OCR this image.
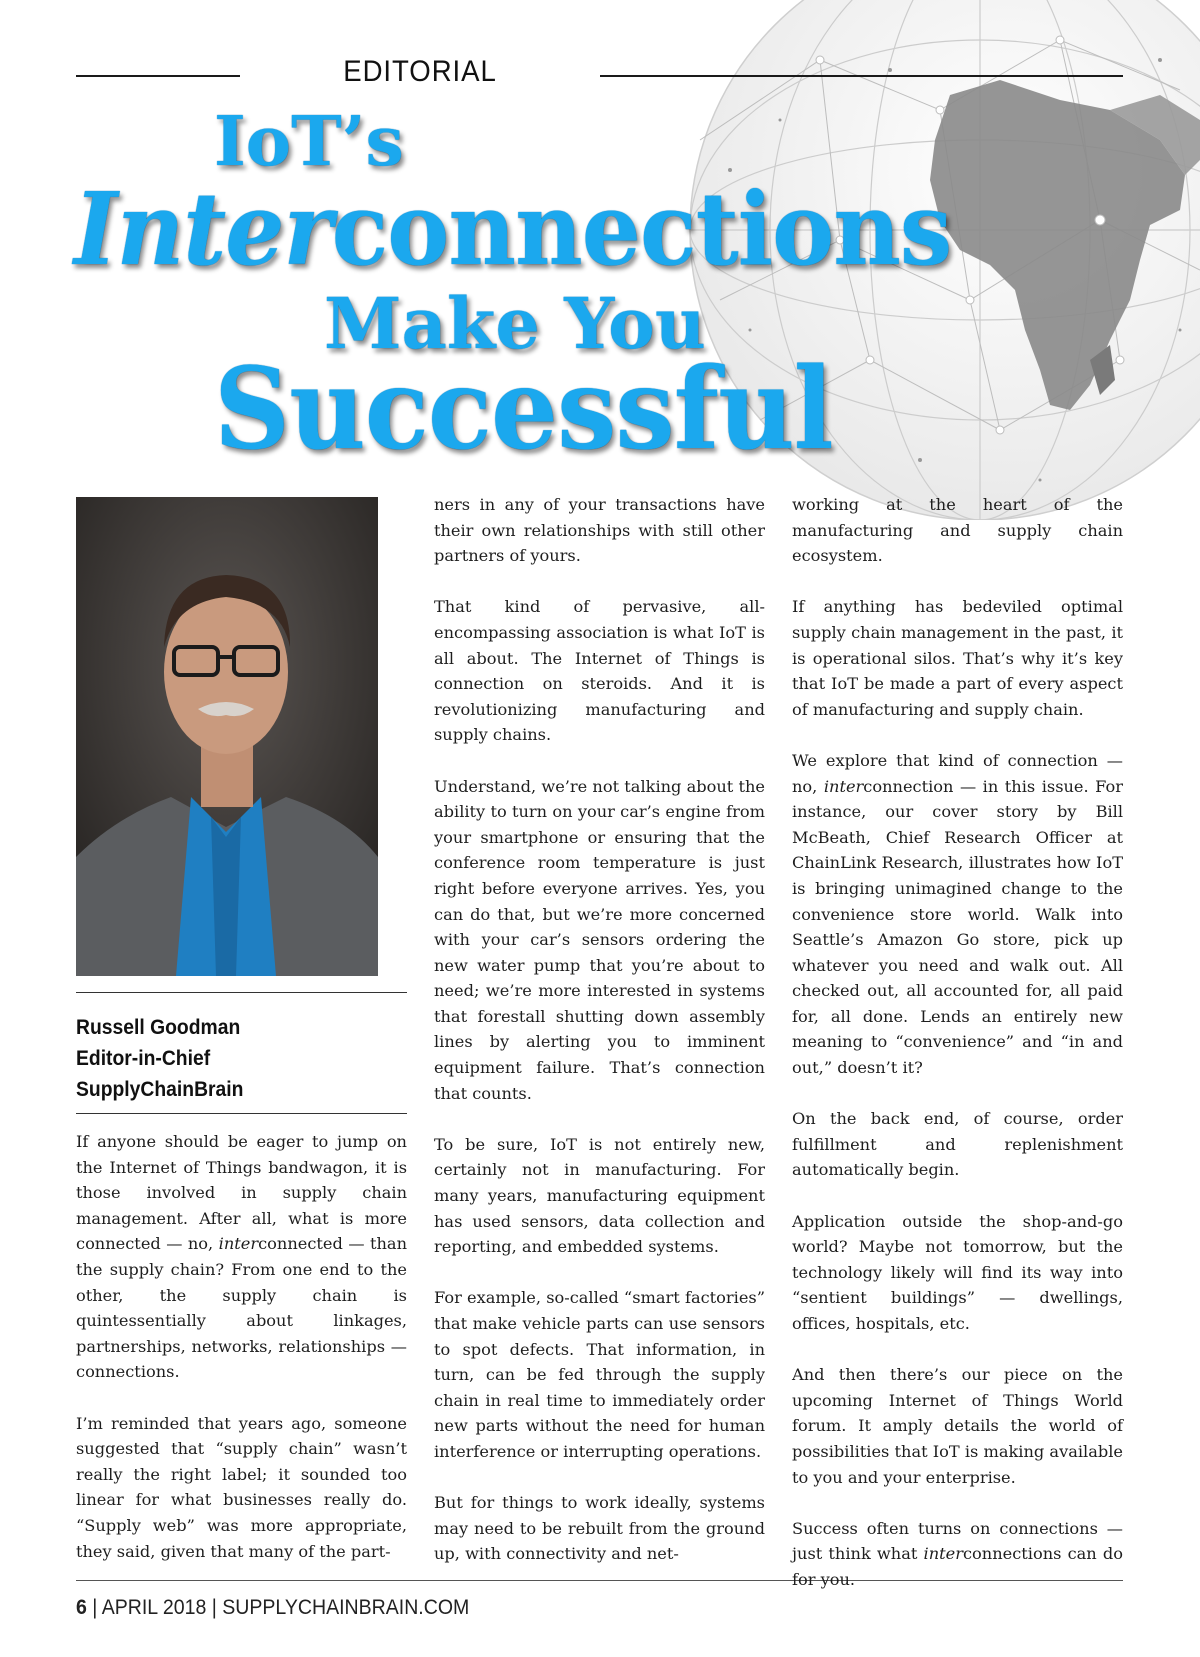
EDITORIAL
IoT’s
Interconnections
Make You
Successful
Russell Goodman
Editor-in-Chief
SupplyChainBrain

If anyone should be eager to jump on the Internet of Things bandwagon, it is those involved in supply chain management. After all, what is more connected — no, interconnected — than the supply chain? From one end to the other, the supply chain is quintessentially about linkages, partnerships, networks, relationships — connections.

I’m reminded that years ago, someone suggested that “supply chain” wasn’t really the right label; it sounded too linear for what businesses really do. “Supply web” was more appropriate, they said, given that many of the part-

ners in any of your transactions have their own relationships with still other partners of yours.

That kind of pervasive, all-encompassing association is what IoT is all about. The Internet of Things is connection on steroids. And it is revolutionizing manufacturing and supply chains.

Understand, we’re not talking about the ability to turn on your car’s engine from your smartphone or ensuring that the conference room temperature is just right before everyone arrives. Yes, you can do that, but we’re more concerned with your car’s sensors ordering the new water pump that you’re about to need; we’re more interested in systems that forestall shutting down assembly lines by alerting you to imminent equipment failure. That’s connection that counts.

To be sure, IoT is not entirely new, certainly not in manufacturing. For many years, manufacturing equipment has used sensors, data collection and reporting, and embedded systems.

For example, so-called “smart factories” that make vehicle parts can use sensors to spot defects. That information, in turn, can be fed through the supply chain in real time to immediately order new parts without the need for human interference or interrupting operations.

But for things to work ideally, systems may need to be rebuilt from the ground up, with connectivity and net-

working at the heart of the manufacturing and supply chain ecosystem.

If anything has bedeviled optimal supply chain management in the past, it is operational silos. That’s why it’s key that IoT be made a part of every aspect of manufacturing and supply chain.

We explore that kind of connection — no, interconnection — in this issue. For instance, our cover story by Bill McBeath, Chief Research Officer at ChainLink Research, illustrates how IoT is bringing unimagined change to the convenience store world. Walk into Seattle’s Amazon Go store, pick up whatever you need and walk out. All checked out, all accounted for, all paid for, all done. Lends an entirely new meaning to “convenience” and “in and out,” doesn’t it?

On the back end, of course, order fulfillment and replenishment automatically begin.

Application outside the shop-and-go world? Maybe not tomorrow, but the technology likely will find its way into “sentient buildings” — dwellings, offices, hospitals, etc.

And then there’s our piece on the upcoming Internet of Things World forum. It amply details the world of possibilities that IoT is making available to you and your enterprise.

Success often turns on connections — just think what interconnections can do for you.

6 | APRIL 2018 | SUPPLYCHAINBRAIN.COM
